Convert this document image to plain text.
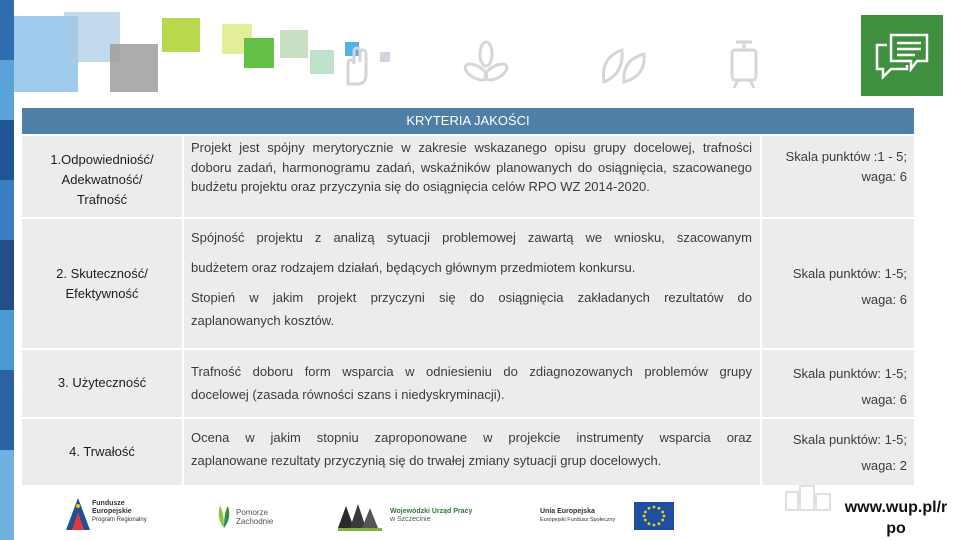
KRYTERIA JAKOŚCI
1.Odpowiedniość/
Adekwatność/
Trafność
Projekt jest spójny merytorycznie w zakresie wskazanego opisu grupy docelowej, trafności doboru zadań, harmonogramu zadań, wskaźników planowanych do osiągnięcia, szacowanego budżetu projektu oraz przyczynia się do osiągnięcia celów RPO WZ 2014-2020.
Skala punktów :1 - 5;
waga: 6
2. Skuteczność/
Efektywność
Spójność projektu z analizą sytuacji problemowej zawartą we wniosku, szacowanym
budżetem oraz rodzajem działań, będących głównym przedmiotem konkursu.
Stopień w jakim projekt przyczyni się do osiągnięcia zakładanych rezultatów do
zaplanowanych kosztów.
Skala punktów: 1-5;
waga: 6
3. Użyteczność
Trafność doboru form wsparcia w odniesieniu do zdiagnozowanych problemów grupy
docelowej (zasada równości szans i niedyskryminacji).
Skala punktów: 1-5;
waga: 6
4. Trwałość
Ocena w jakim stopniu zaproponowane w projekcie instrumenty wsparcia oraz
zaplanowane rezultaty przyczynią się do trwałej zmiany sytuacji grup docelowych.
Skala punktów: 1-5;
waga: 2
Fundusze
Europejskie
Program Regionalny
Pomorze
Zachodnie
Wojewódzki Urząd Pracy
w Szczecinie
Unia Europejska
Europejski Fundusz Społeczny
www.wup.pl/r
po
